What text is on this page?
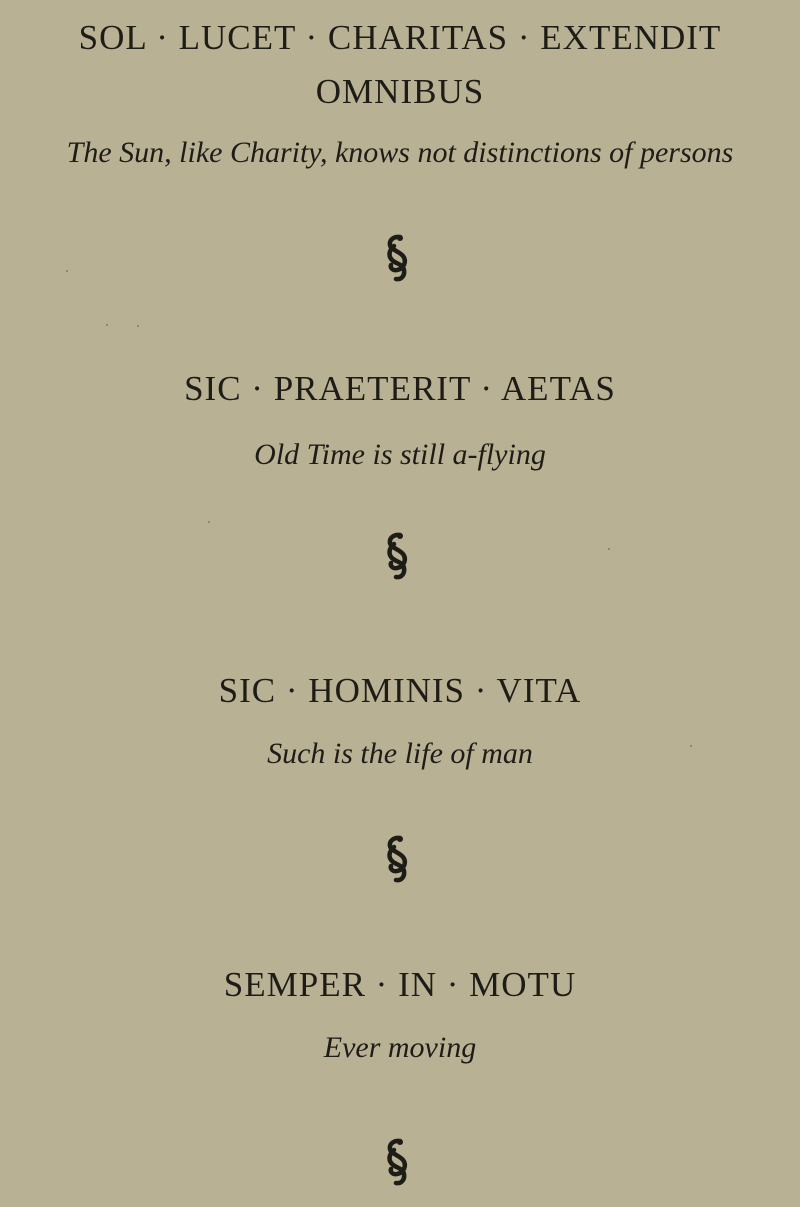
SOL · LUCET · CHARITAS · EXTENDIT
OMNIBUS
The Sun, like Charity, knows not distinctions of persons
SIC · PRAETERIT · AETAS
Old Time is still a-flying
SIC · HOMINIS · VITA
Such is the life of man
SEMPER · IN · MOTU
Ever moving
